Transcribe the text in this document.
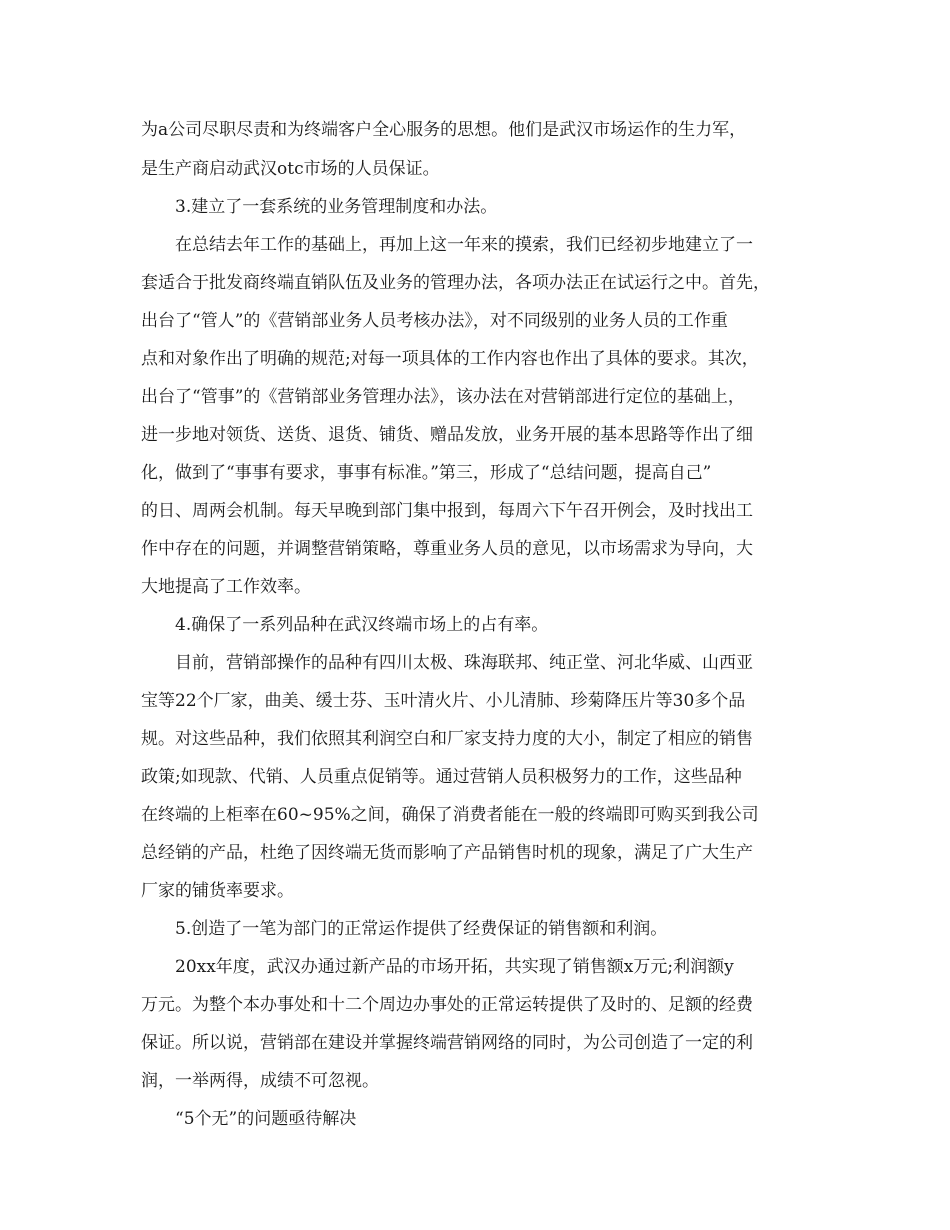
为a公司尽职尽责和为终端客户全心服务的思想。他们是武汉市场运作的生力军，
是生产商启动武汉otc市场的人员保证。
3.建立了一套系统的业务管理制度和办法。
在总结去年工作的基础上，再加上这一年来的摸索，我们已经初步地建立了一
套适合于批发商终端直销队伍及业务的管理办法，各项办法正在试运行之中。首先，
出台了“管人”的《营销部业务人员考核办法》，对不同级别的业务人员的工作重
点和对象作出了明确的规范;对每一项具体的工作内容也作出了具体的要求。其次，
出台了“管事”的《营销部业务管理办法》，该办法在对营销部进行定位的基础上，
进一步地对领货、送货、退货、铺货、赠品发放，业务开展的基本思路等作出了细
化，做到了“事事有要求，事事有标准。”第三，形成了“总结问题，提高自己”
的日、周两会机制。每天早晚到部门集中报到，每周六下午召开例会，及时找出工
作中存在的问题，并调整营销策略，尊重业务人员的意见，以市场需求为导向，大
大地提高了工作效率。
4.确保了一系列品种在武汉终端市场上的占有率。
目前，营销部操作的品种有四川太极、珠海联邦、纯正堂、河北华威、山西亚
宝等22个厂家，曲美、缓士芬、玉叶清火片、小儿清肺、珍菊降压片等30多个品
规。对这些品种，我们依照其利润空白和厂家支持力度的大小，制定了相应的销售
政策;如现款、代销、人员重点促销等。通过营销人员积极努力的工作，这些品种
在终端的上柜率在60~95%之间，确保了消费者能在一般的终端即可购买到我公司
总经销的产品，杜绝了因终端无货而影响了产品销售时机的现象，满足了广大生产
厂家的铺货率要求。
5.创造了一笔为部门的正常运作提供了经费保证的销售额和利润。
20xx年度，武汉办通过新产品的市场开拓，共实现了销售额x万元;利润额y
万元。为整个本办事处和十二个周边办事处的正常运转提供了及时的、足额的经费
保证。所以说，营销部在建设并掌握终端营销网络的同时，为公司创造了一定的利
润，一举两得，成绩不可忽视。
“5个无”的问题亟待解决
